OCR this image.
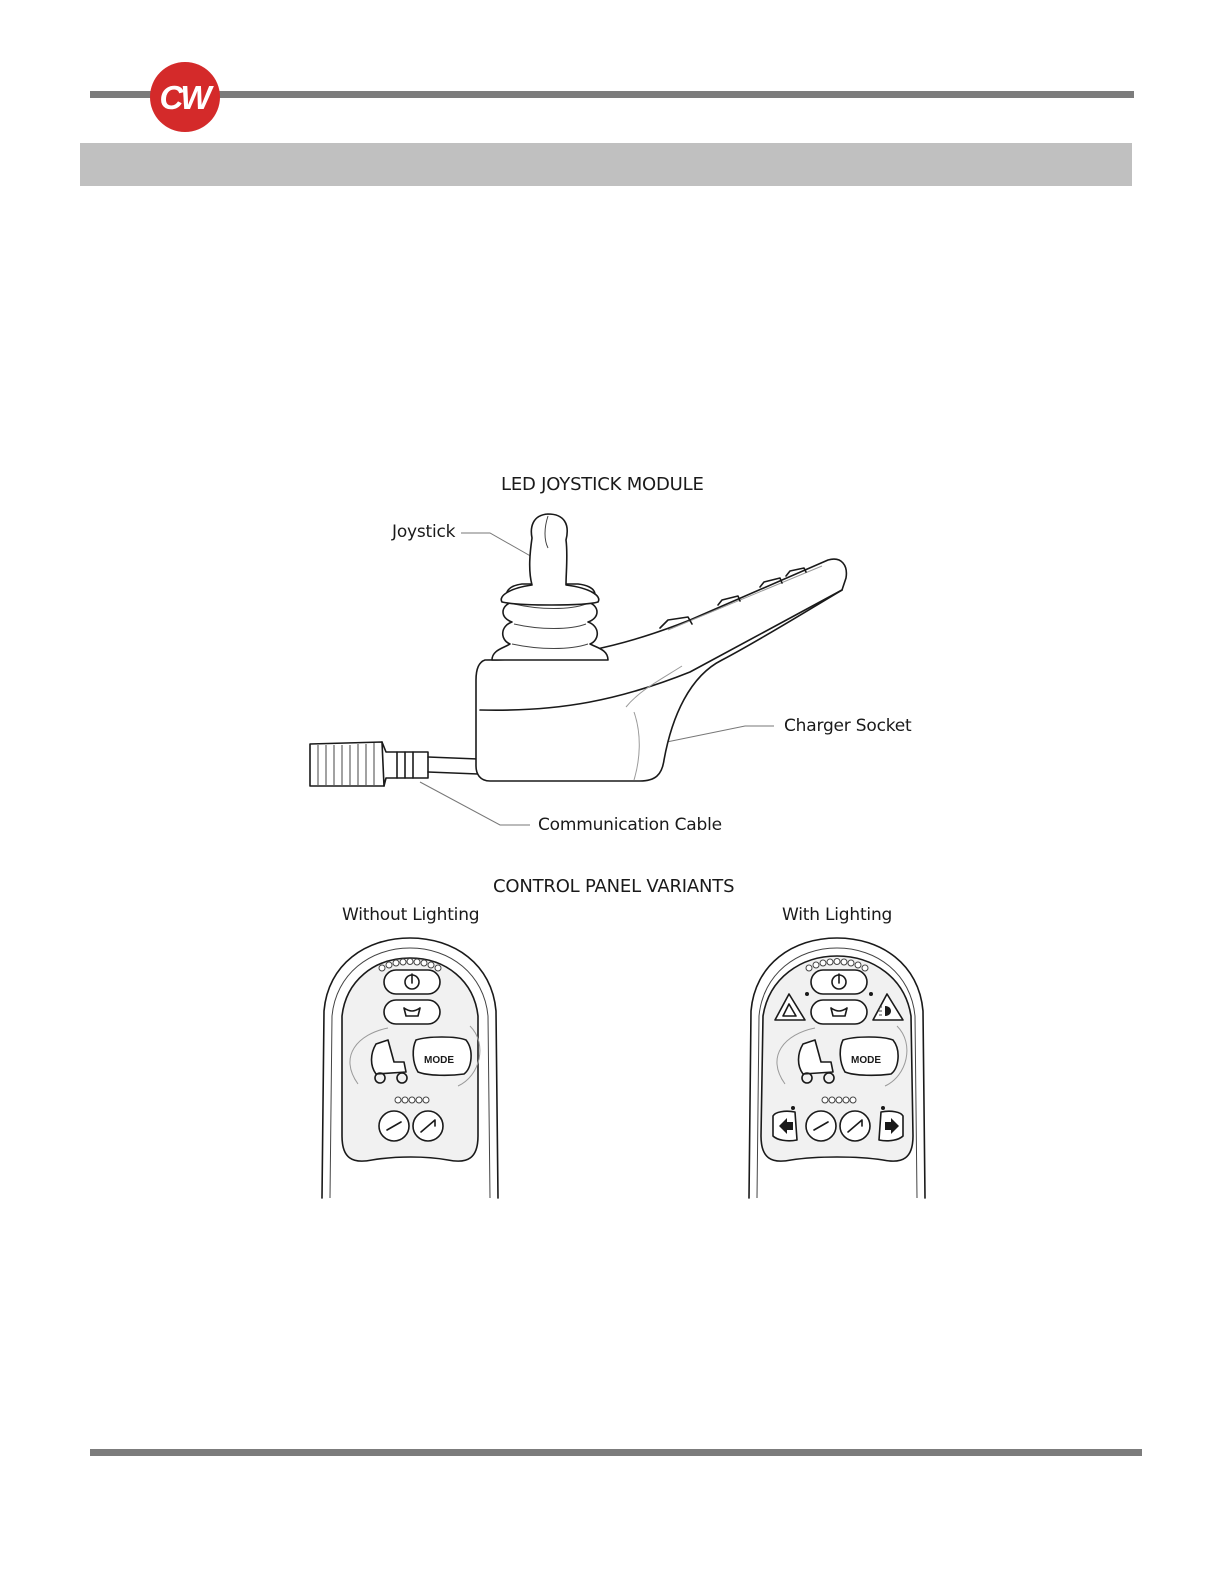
CW
LED JOYSTICK MODULE
Joystick
Charger Socket
Communication Cable
CONTROL PANEL VARIANTS
Without Lighting	With Lighting
MODE	MODE
